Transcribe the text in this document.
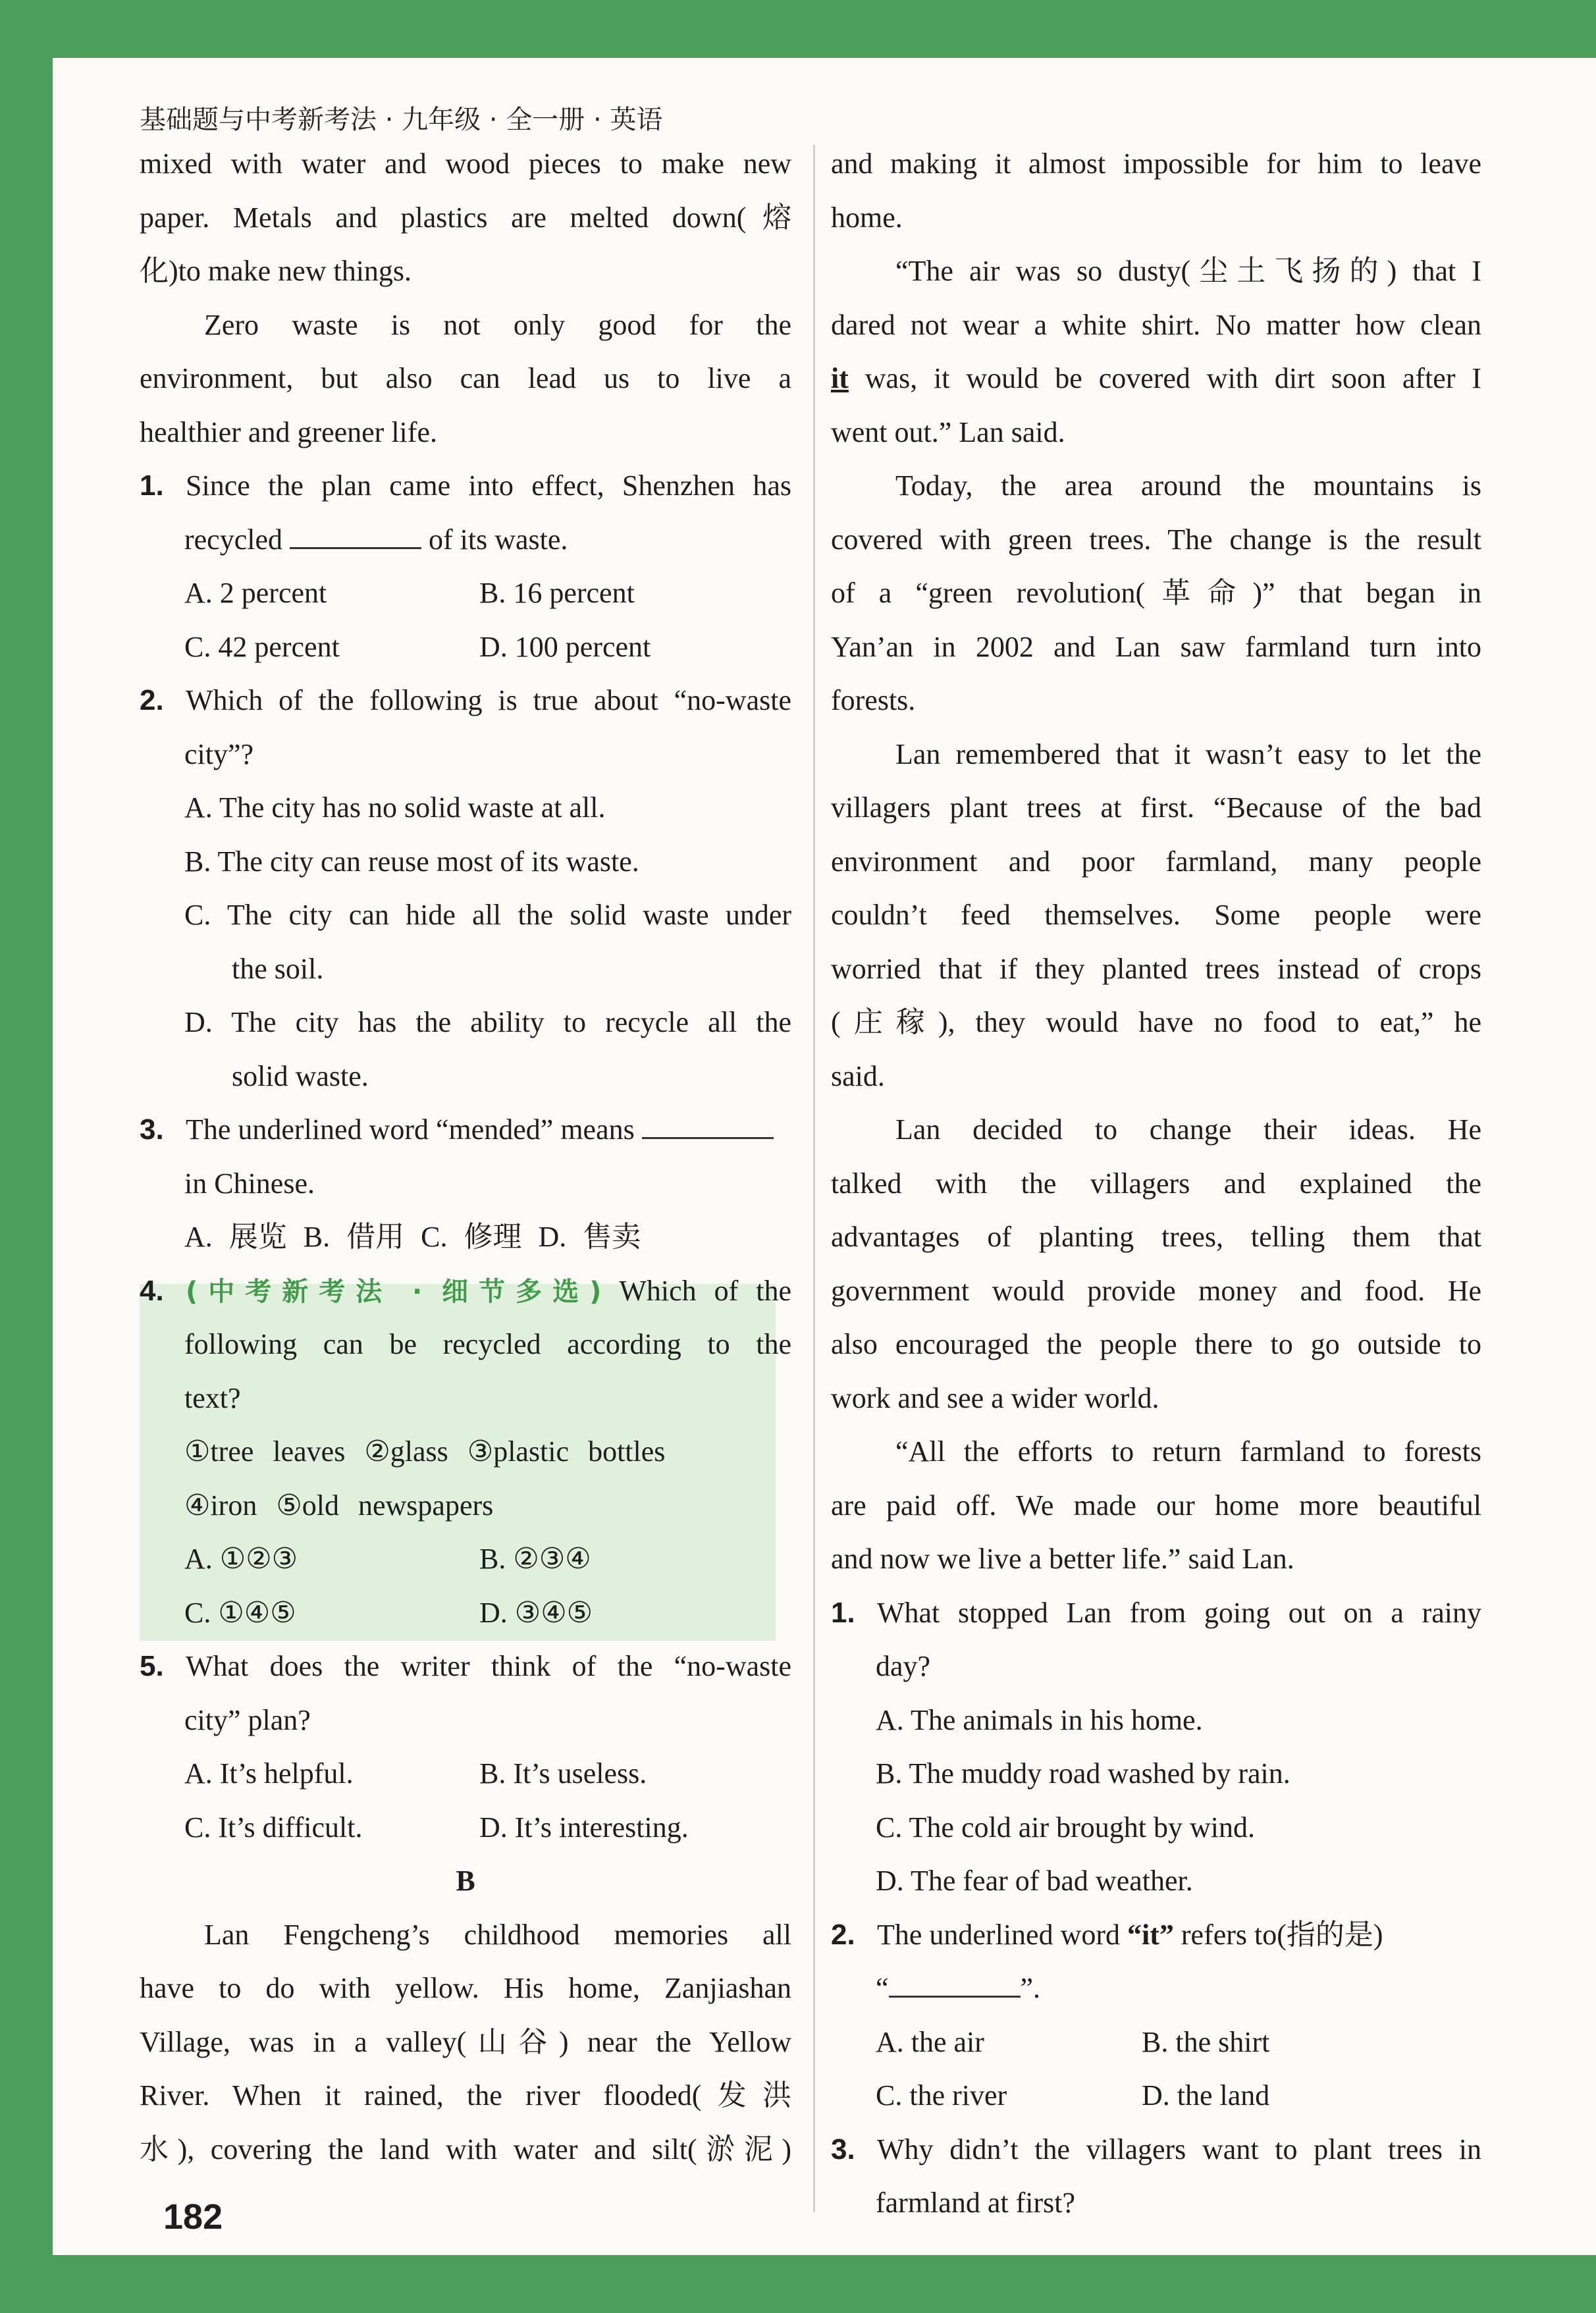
基础题与中考新考法 · 九年级 · 全一册 · 英语
mixed with water and wood pieces to make new
paper. Metals and plastics are melted down(熔
化)to make new things.
Zero waste is not only good for the
environment, but also can lead us to live a
healthier and greener life.
1. Since the plan came into effect, Shenzhen has
recycled	of its waste.
A. 2 percent	B. 16 percent
C. 42 percent	D. 100 percent
2. Which of the following is true about “no-waste
city”?
A. The city has no solid waste at all.
B. The city can reuse most of its waste.
C. The city can hide all the solid waste under
the soil.
D. The city has the ability to recycle all the
solid waste.
3. The underlined word “mended” means
in Chinese.
A. 展览 B. 借用 C. 修理 D. 售卖
4. (中考新考法 · 细节多选) Which of the
following can be recycled according to the
text?
①tree leaves ②glass ③plastic bottles
④iron ⑤old newspapers
A. ①②③	B. ②③④
C. ①④⑤	D. ③④⑤
5. What does the writer think of the “no-waste
city” plan?
A. It’s helpful.	B. It’s useless.
C. It’s difficult.	D. It’s interesting.
B
Lan Fengcheng’s childhood memories all
have to do with yellow. His home, Zanjiashan
Village, was in a valley(山谷) near the Yellow
River. When it rained, the river flooded(发洪
水), covering the land with water and silt(淤泥)
and making it almost impossible for him to leave
home.
“The air was so dusty(尘土飞扬的) that I
dared not wear a white shirt. No matter how clean
it was, it would be covered with dirt soon after I
went out.” Lan said.
Today, the area around the mountains is
covered with green trees. The change is the result
of a “green revolution(革命)” that began in
Yan’an in 2002 and Lan saw farmland turn into
forests.
Lan remembered that it wasn’t easy to let the
villagers plant trees at first. “Because of the bad
environment and poor farmland, many people
couldn’t feed themselves. Some people were
worried that if they planted trees instead of crops
(庄稼), they would have no food to eat,” he
said.
Lan decided to change their ideas. He
talked with the villagers and explained the
advantages of planting trees, telling them that
government would provide money and food. He
also encouraged the people there to go outside to
work and see a wider world.
“All the efforts to return farmland to forests
are paid off. We made our home more beautiful
and now we live a better life.” said Lan.
1. What stopped Lan from going out on a rainy
day?
A. The animals in his home.
B. The muddy road washed by rain.
C. The cold air brought by wind.
D. The fear of bad weather.
2. The underlined word “it” refers to(指的是)
“	”.
A. the air	B. the shirt
C. the river	D. the land
3. Why didn’t the villagers want to plant trees in
farmland at first?
182
